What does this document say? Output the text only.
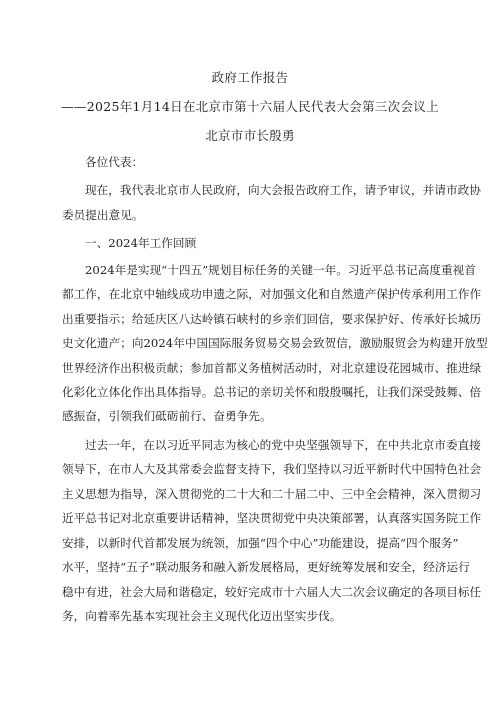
政府工作报告
——2025年1月14日在北京市第十六届人民代表大会第三次会议上
北京市市长殷勇
各位代表：
现在，我代表北京市人民政府，向大会报告政府工作，请予审议，并请市政协
委员提出意见。
一、2024年工作回顾
2024年是实现“十四五”规划目标任务的关键一年。习近平总书记高度重视首
都工作，在北京中轴线成功申遗之际，对加强文化和自然遗产保护传承利用工作作
出重要指示；给延庆区八达岭镇石峡村的乡亲们回信，要求保护好、传承好长城历
史文化遗产；向2024年中国国际服务贸易交易会致贺信，激励服贸会为构建开放型
世界经济作出积极贡献；参加首都义务植树活动时，对北京建设花园城市、推进绿
化彩化立体化作出具体指导。总书记的亲切关怀和殷殷嘱托，让我们深受鼓舞、倍
感振奋，引领我们砥砺前行、奋勇争先。
过去一年，在以习近平同志为核心的党中央坚强领导下，在中共北京市委直接
领导下，在市人大及其常委会监督支持下，我们坚持以习近平新时代中国特色社会
主义思想为指导，深入贯彻党的二十大和二十届二中、三中全会精神，深入贯彻习
近平总书记对北京重要讲话精神，坚决贯彻党中央决策部署，认真落实国务院工作
安排，以新时代首都发展为统领，加强“四个中心”功能建设，提高“四个服务”
水平，坚持“五子”联动服务和融入新发展格局，更好统筹发展和安全，经济运行
稳中有进，社会大局和谐稳定，较好完成市十六届人大二次会议确定的各项目标任
务，向着率先基本实现社会主义现代化迈出坚实步伐。
